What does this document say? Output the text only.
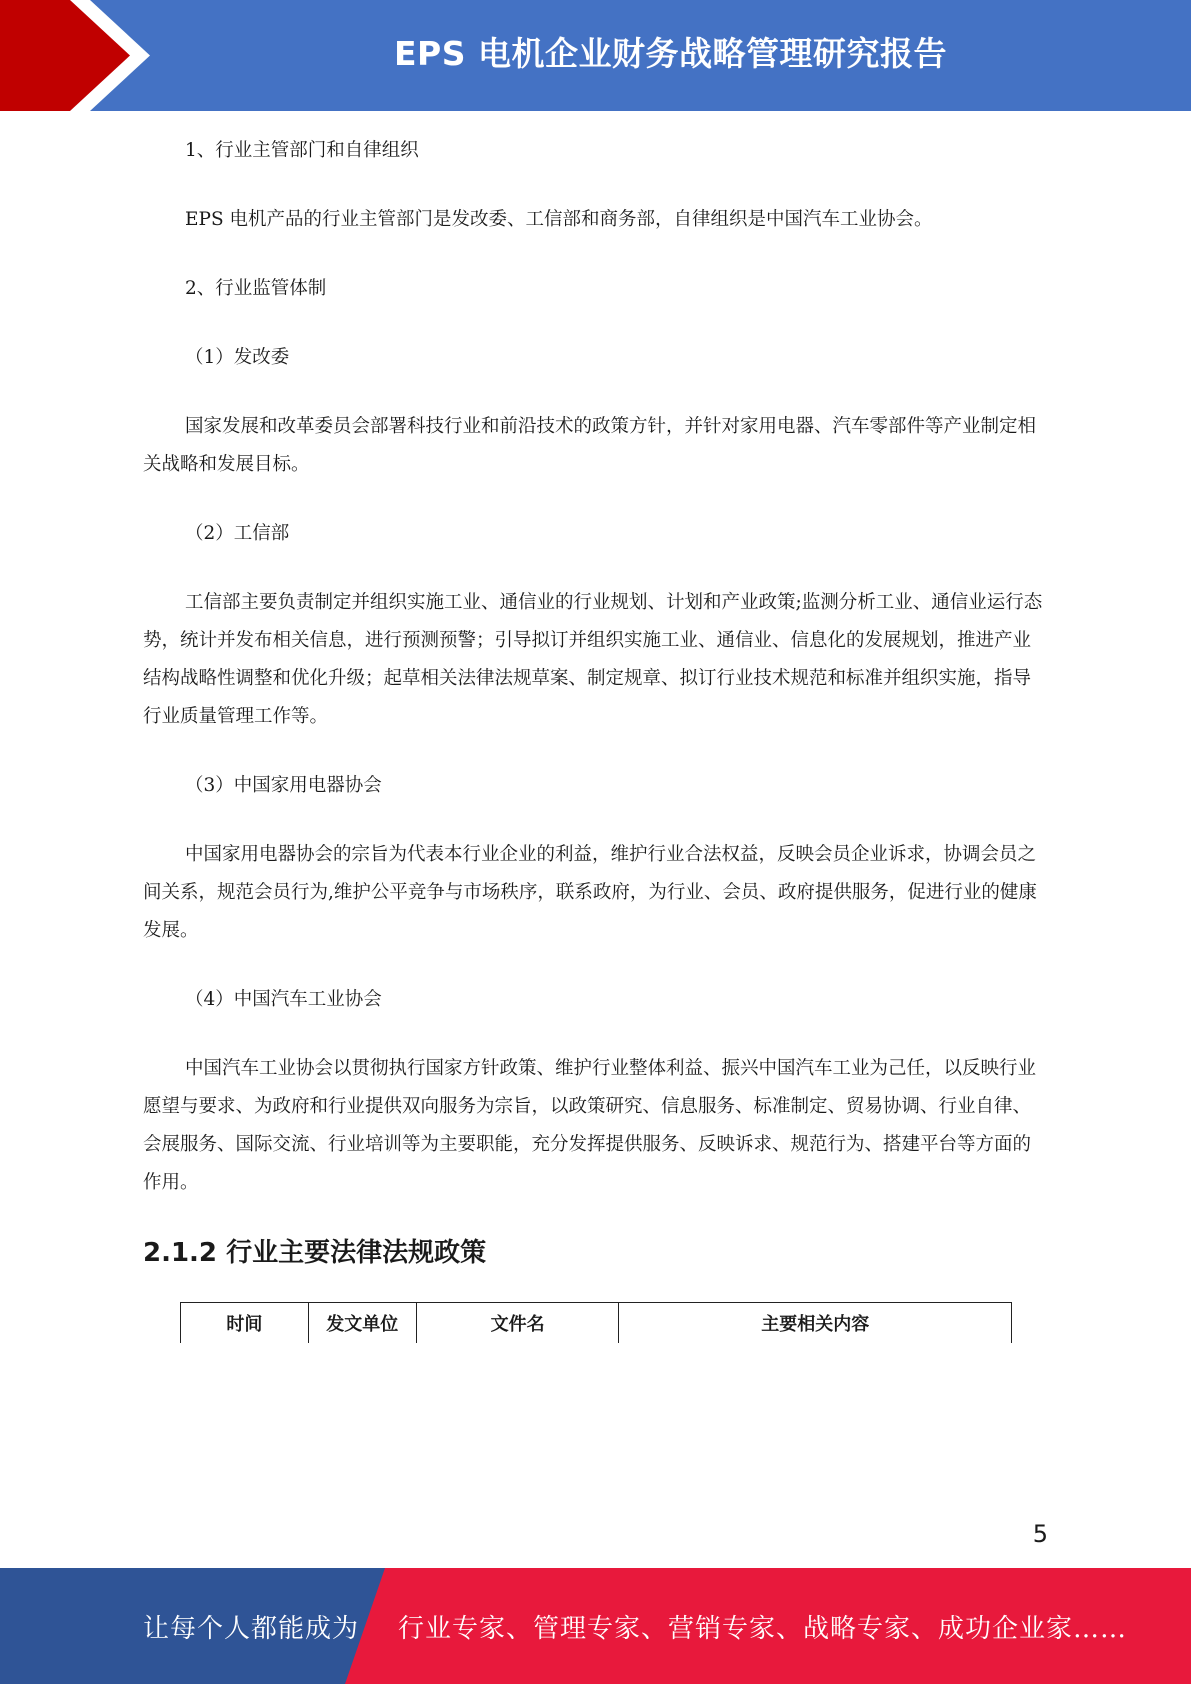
EPS 电机企业财务战略管理研究报告

1、行业主管部门和自律组织

EPS 电机产品的行业主管部门是发改委、工信部和商务部，自律组织是中国汽车工业协会。

2、行业监管体制

（1）发改委

国家发展和改革委员会部署科技行业和前沿技术的政策方针，并针对家用电器、汽车零部件等产业制定相关战略和发展目标。

（2）工信部

工信部主要负责制定并组织实施工业、通信业的行业规划、计划和产业政策;监测分析工业、通信业运行态势，统计并发布相关信息，进行预测预警；引导拟订并组织实施工业、通信业、信息化的发展规划，推进产业结构战略性调整和优化升级；起草相关法律法规草案、制定规章、拟订行业技术规范和标准并组织实施，指导行业质量管理工作等。

（3）中国家用电器协会

中国家用电器协会的宗旨为代表本行业企业的利益，维护行业合法权益，反映会员企业诉求，协调会员之间关系，规范会员行为,维护公平竞争与市场秩序，联系政府，为行业、会员、政府提供服务，促进行业的健康发展。

（4）中国汽车工业协会

中国汽车工业协会以贯彻执行国家方针政策、维护行业整体利益、振兴中国汽车工业为己任，以反映行业愿望与要求、为政府和行业提供双向服务为宗旨，以政策研究、信息服务、标准制定、贸易协调、行业自律、会展服务、国际交流、行业培训等为主要职能，充分发挥提供服务、反映诉求、规范行为、搭建平台等方面的作用。

2.1.2 行业主要法律法规政策
时间	发文单位	文件名	主要相关内容
5
让每个人都能成为 行业专家、管理专家、营销专家、战略专家、成功企业家……
